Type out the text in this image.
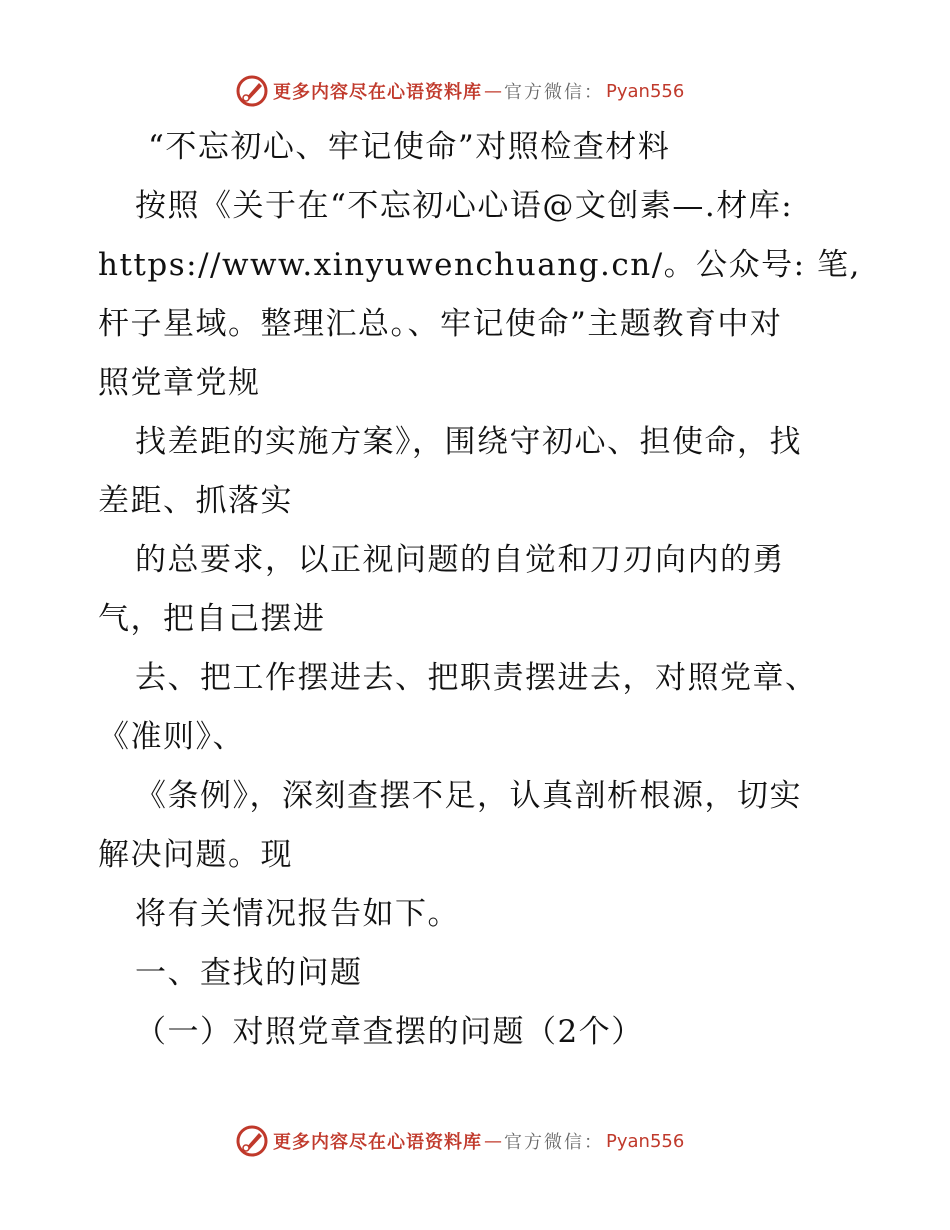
更多内容尽在心语资料库 — 官方微信： Pyan556
“不忘初心、牢记使命”对照检查材料
按照《关于在“不忘初心心语@文创素—.材库:
https://www.xinyuwenchuang.cn/。公众号: 笔,
杆子星域。整理汇总。、牢记使命”主题教育中对
照党章党规
找差距的实施方案》，围绕守初心、担使命，找
差距、抓落实
的总要求，以正视问题的自觉和刀刃向内的勇
气，把自己摆进
去、把工作摆进去、把职责摆进去，对照党章、
《准则》、
《条例》，深刻查摆不足，认真剖析根源，切实
解决问题。现
将有关情况报告如下。
一、查找的问题
（一）对照党章查摆的问题（2个）
更多内容尽在心语资料库 — 官方微信： Pyan556
